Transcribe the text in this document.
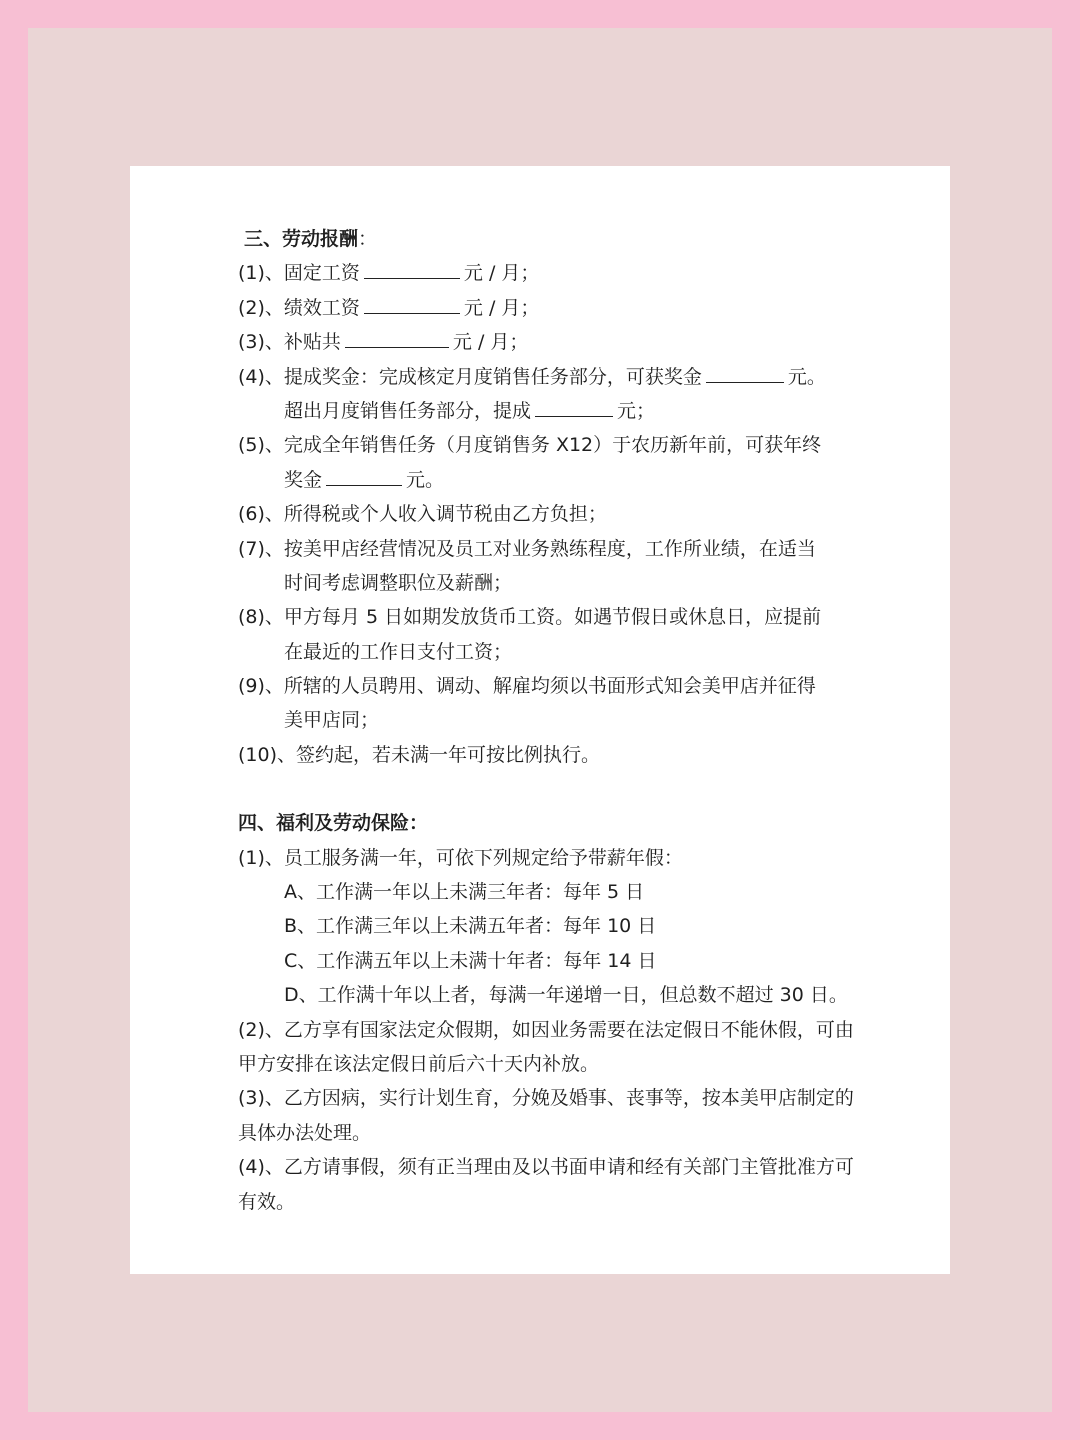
三、劳动报酬：
(1)、固定工资	元 / 月；
(2)、绩效工资	元 / 月；
(3)、补贴共	元 / 月；
(4)、提成奖金：完成核定月度销售任务部分，可获奖金	元。
超出月度销售任务部分，提成	元；
(5)、完成全年销售任务（月度销售务 X12）于农历新年前，可获年终
奖金	元。
(6)、所得税或个人收入调节税由乙方负担；
(7)、按美甲店经营情况及员工对业务熟练程度，工作所业绩，在适当
时间考虑调整职位及薪酬；
(8)、甲方每月 5 日如期发放货币工资。如遇节假日或休息日，应提前
在最近的工作日支付工资；
(9)、所辖的人员聘用、调动、解雇均须以书面形式知会美甲店并征得
美甲店同；
(10)、签约起，若未满一年可按比例执行。
四、福利及劳动保险：
(1)、员工服务满一年，可依下列规定给予带薪年假：
A、工作满一年以上未满三年者：每年 5 日
B、工作满三年以上未满五年者：每年 10 日
C、工作满五年以上未满十年者：每年 14 日
D、工作满十年以上者，每满一年递增一日，但总数不超过 30 日。
(2)、乙方享有国家法定众假期，如因业务需要在法定假日不能休假，可由
甲方安排在该法定假日前后六十天内补放。
(3)、乙方因病，实行计划生育，分娩及婚事、丧事等，按本美甲店制定的
具体办法处理。
(4)、乙方请事假，须有正当理由及以书面申请和经有关部门主管批准方可
有效。
